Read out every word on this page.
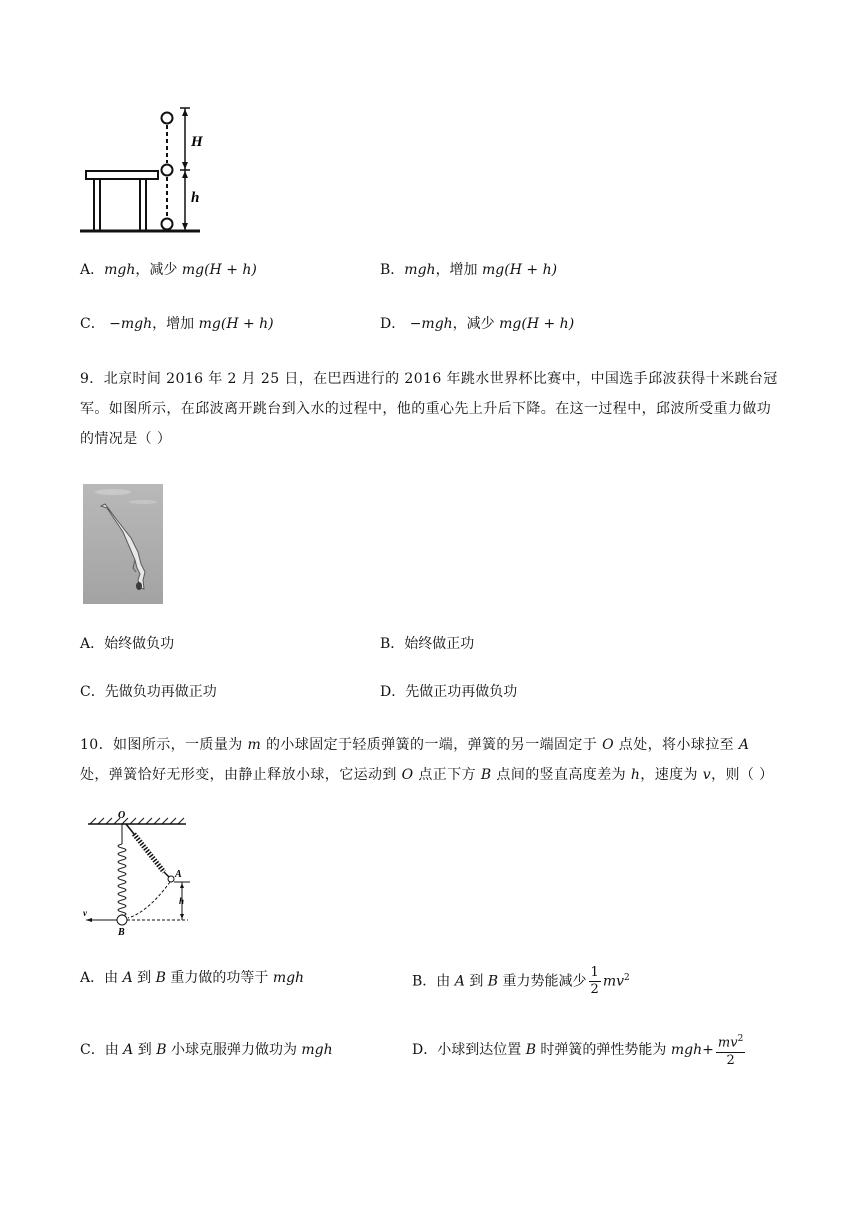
H
h
A．mgh，减少 mg(H + h)	B．mgh，增加 mg(H + h)
C． −mgh，增加 mg(H + h)	D． −mgh，减少 mg(H + h)
9．北京时间 2016 年 2 月 25 日，在巴西进行的 2016 年跳水世界杯比赛中，中国选手邱波获得十米跳台冠军。如图所示，在邱波离开跳台到入水的过程中，他的重心先上升后下降。在这一过程中，邱波所受重力做功的情况是（ ）
A．始终做负功	B．始终做正功
C．先做负功再做正功	D．先做正功再做负功
10．如图所示，一质量为 m 的小球固定于轻质弹簧的一端，弹簧的另一端固定于 O 点处，将小球拉至 A 处，弹簧恰好无形变，由静止释放小球，它运动到 O 点正下方 B 点间的竖直高度差为 h，速度为 v，则（ ）
O
A
h
v
B
A．由 A 到 B 重力做的功等于 mgh	B．由 A 到 B 重力势能减少 $\frac{1}{2} mv^2$
C．由 A 到 B 小球克服弹力做功为 mgh	D．小球到达位置 B 时弹簧的弹性势能为 $mgh+ \frac{mv^2}{2}$
